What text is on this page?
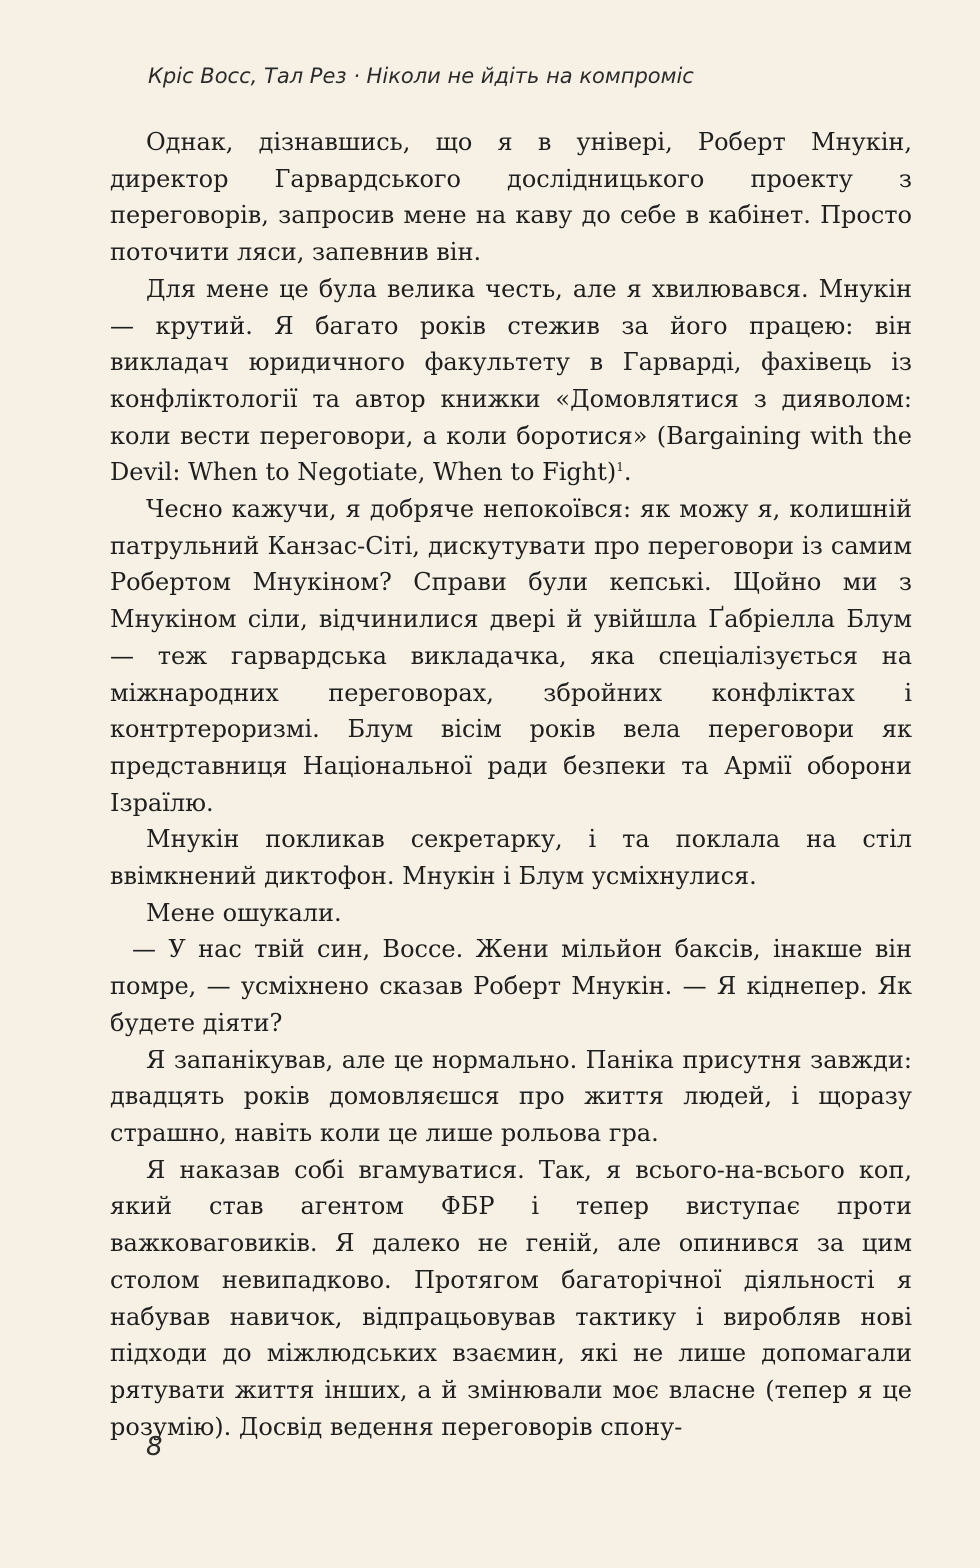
Кріс Восс, Тал Рез · Ніколи не йдіть на компроміс

Однак, дізнавшись, що я в універі, Роберт Мнукін, директор Гарвардського дослідницького проекту з переговорів, запросив мене на каву до себе в кабінет. Просто поточити ляси, запевнив він.

Для мене це була велика честь, але я хвилювався. Мнукін — крутий. Я багато років стежив за його працею: він викладач юридичного факультету в Гарварді, фахівець із конфліктології та автор книжки «Домовлятися з дияволом: коли вести переговори, а коли боротися» (Bargaining with the Devil: When to Negotiate, When to Fight)$^1$.

Чесно кажучи, я добряче непокоївся: як можу я, колишній патрульний Канзас-Сіті, дискутувати про переговори із самим Робертом Мнукіном? Справи були кепські. Щойно ми з Мнукіном сіли, відчинилися двері й увійшла Ґабріелла Блум — теж гарвардська викладачка, яка спеціалізується на міжнародних переговорах, збройних конфліктах і контртероризмі. Блум вісім років вела переговори як представниця Національної ради безпеки та Армії оборони Ізраїлю.

Мнукін покликав секретарку, і та поклала на стіл ввімкнений диктофон. Мнукін і Блум усміхнулися.

Мене ошукали.

— У нас твій син, Воссе. Жени мільйон баксів, інакше він помре, — усміхнено сказав Роберт Мнукін. — Я кіднепер. Як будете діяти?

Я запанікував, але це нормально. Паніка присутня завжди: двадцять років домовляєшся про життя людей, і щоразу страшно, навіть коли це лише рольова гра.

Я наказав собі вгамуватися. Так, я всього-на-всього коп, який став агентом ФБР і тепер виступає проти важковаговиків. Я далеко не геній, але опинився за цим столом невипадково. Протягом багаторічної діяльності я набував навичок, відпрацьовував тактику і виробляв нові підходи до міжлюдських взаємин, які не лише допомагали рятувати життя інших, а й змінювали моє власне (тепер я це розумію). Досвід ведення переговорів спону-

8
